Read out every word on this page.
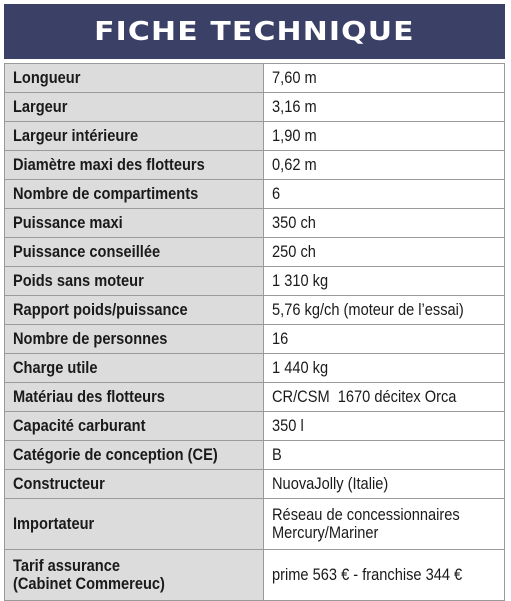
FICHE TECHNIQUE
Longueur	7,60 m
Largeur	3,16 m
Largeur intérieure	1,90 m
Diamètre maxi des flotteurs	0,62 m
Nombre de compartiments	6
Puissance maxi	350 ch
Puissance conseillée	250 ch
Poids sans moteur	1 310 kg
Rapport poids/puissance	5,76 kg/ch (moteur de l’essai)
Nombre de personnes	16
Charge utile	1 440 kg
Matériau des flotteurs	CR/CSM  1670 décitex Orca
Capacité carburant	350 l
Catégorie de conception (CE)	B
Constructeur	NuovaJolly (Italie)
Importateur	Réseau de concessionnaires
Mercury/Mariner

Tarif assurance
(Cabinet Commereuc)	prime 563 € - franchise 344 €
